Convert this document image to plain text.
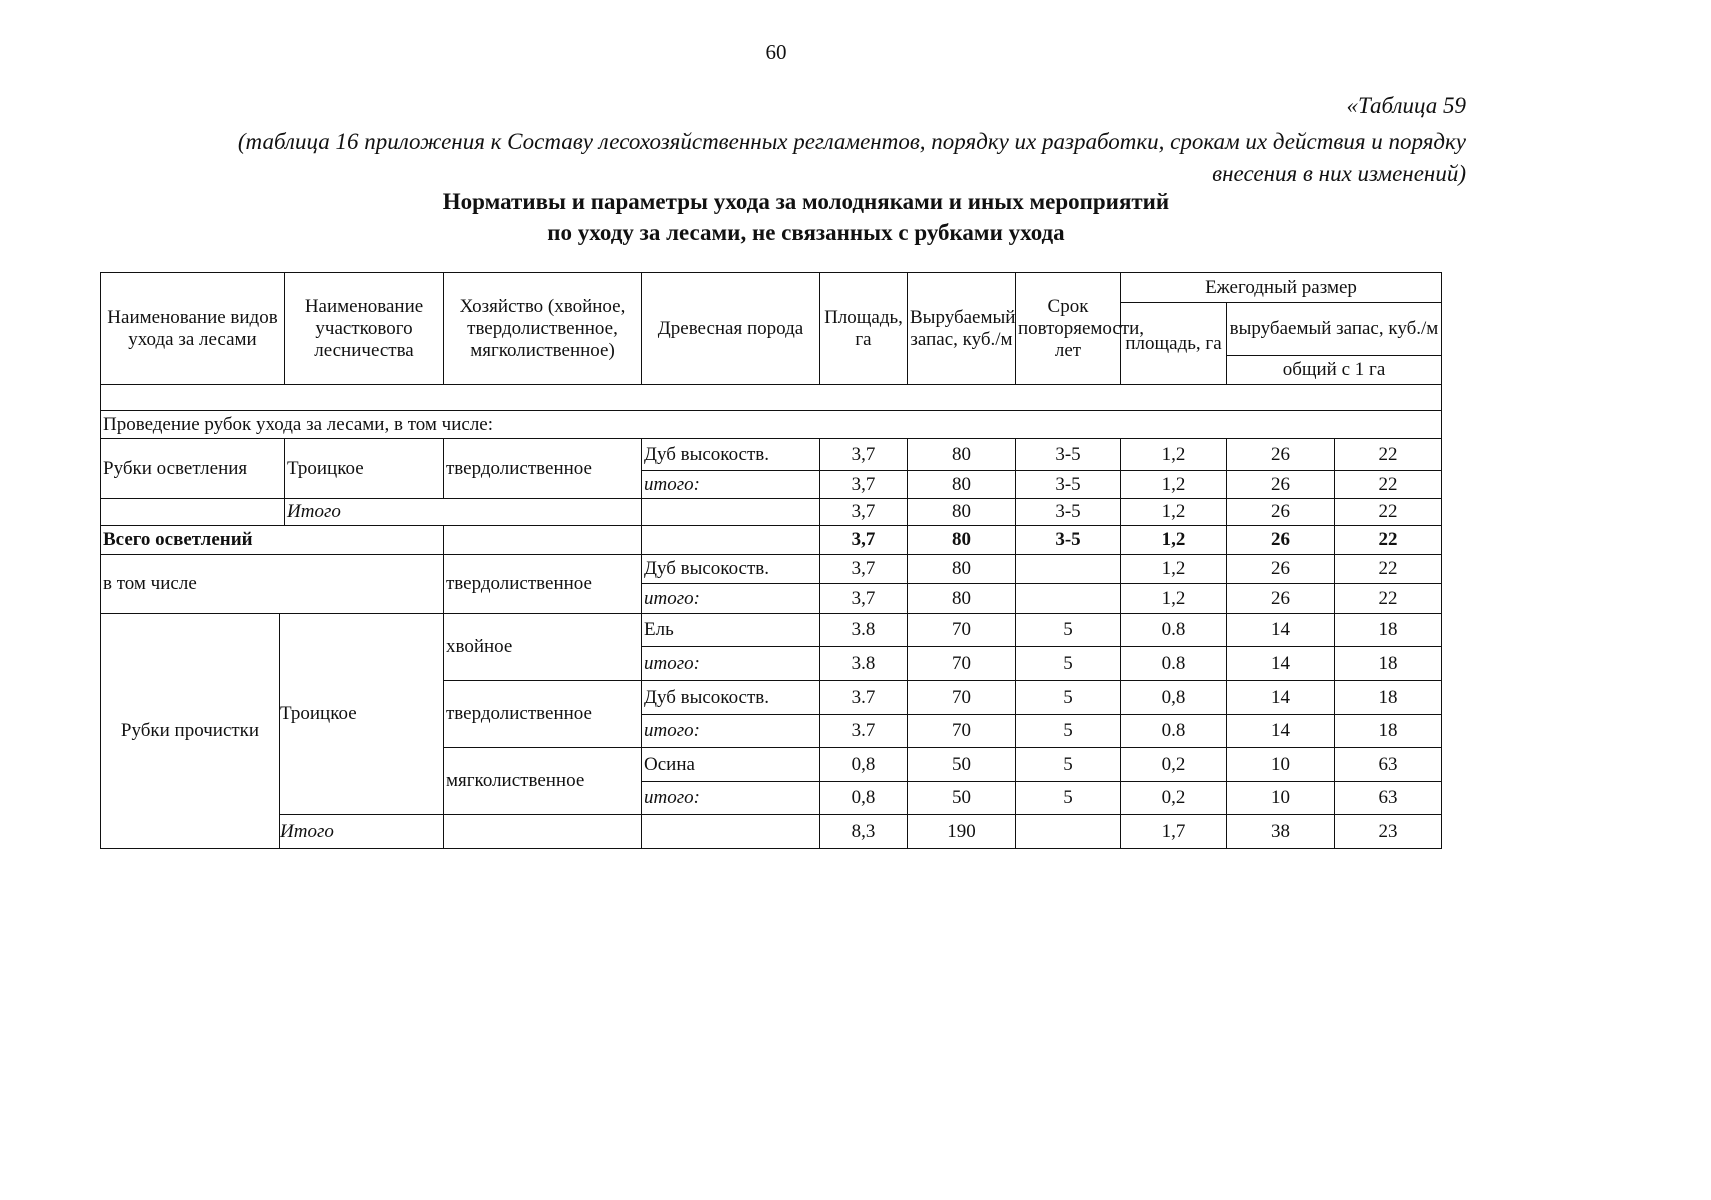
60
«Таблица 59
(таблица 16 приложения к Составу лесохозяйственных регламентов, порядку их разработки, срокам их действия и порядку внесения в них изменений)
Нормативы и параметры ухода за молодняками и иных мероприятий
по уходу за лесами, не связанных с рубками ухода
Наименование видов ухода за лесами		Наименование участкового лесничества	Хозяйство (хвойное, твердолиственное, мягколиственное)	Древесная порода	Площадь, га	Вырубаемый запас, куб./м	Срок повторяемости, лет	Ежегодный размер		
								площадь, га	вырубаемый запас, куб./м	
									общий с 1 га	

Проведение рубок ухода за лесами, в том числе:										
Рубки осветления		Троицкое	твердолиственное	Дуб высокоств.	3,7	80	3-5	1,2	26	22
				итого:	3,7	80	3-5	1,2	26	22
		Итого			3,7	80	3-5	1,2	26	22
Всего осветлений					3,7	80	3-5	1,2	26	22
в том числе			твердолиственное	Дуб высокоств.	3,7	80		1,2	26	22
				итого:	3,7	80		1,2	26	22
Рубки прочистки	Троицкое		хвойное	Ель	3.8	70	5	0.8	14	18
				итого:	3.8	70	5	0.8	14	18
			твердолиственное	Дуб высокоств.	3.7	70	5	0,8	14	18
				итого:	3.7	70	5	0.8	14	18
			мягколиственное	Осина	0,8	50	5	0,2	10	63
				итого:	0,8	50	5	0,2	10	63
	Итого				8,3	190		1,7	38	23
